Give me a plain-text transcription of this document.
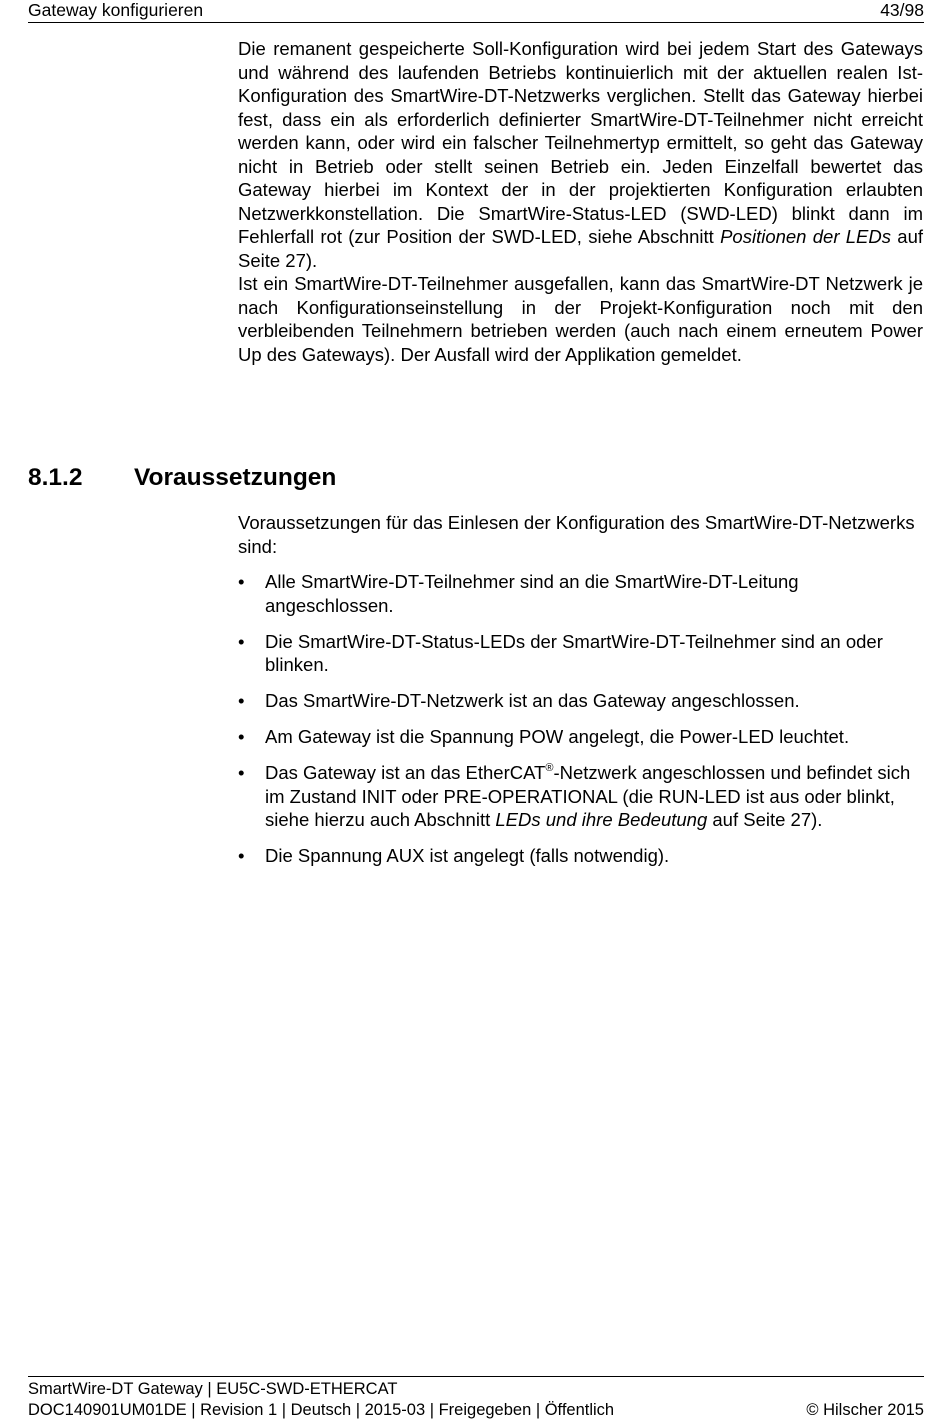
Gateway konfigurieren	43/98

Die remanent gespeicherte Soll-Konfiguration wird bei jedem Start des Gateways und während des laufenden Betriebs kontinuierlich mit der aktuellen realen Ist-Konfiguration des SmartWire-DT-Netzwerks verglichen. Stellt das Gateway hierbei fest, dass ein als erforderlich definierter SmartWire-DT-Teilnehmer nicht erreicht werden kann, oder wird ein falscher Teilnehmertyp ermittelt, so geht das Gateway nicht in Betrieb oder stellt seinen Betrieb ein. Jeden Einzelfall bewertet das Gateway hierbei im Kontext der in der projektierten Konfiguration erlaubten Netzwerkkonstellation. Die SmartWire-Status-LED (SWD-LED) blinkt dann im Fehlerfall rot (zur Position der SWD-LED, siehe Abschnitt Positionen der LEDs auf Seite 27).

Ist ein SmartWire-DT-Teilnehmer ausgefallen, kann das SmartWire-DT Netzwerk je nach Konfigurationseinstellung in der Projekt-Konfiguration noch mit den verbleibenden Teilnehmern betrieben werden (auch nach einem erneutem Power Up des Gateways). Der Ausfall wird der Applikation gemeldet.

8.1.2 Voraussetzungen

Voraussetzungen für das Einlesen der Konfiguration des SmartWire-DT-Netzwerks sind:

• Alle SmartWire-DT-Teilnehmer sind an die SmartWire-DT-Leitung angeschlossen.
• Die SmartWire-DT-Status-LEDs der SmartWire-DT-Teilnehmer sind an oder blinken.
• Das SmartWire-DT-Netzwerk ist an das Gateway angeschlossen.
• Am Gateway ist die Spannung POW angelegt, die Power-LED leuchtet.
• Das Gateway ist an das EtherCAT®-Netzwerk angeschlossen und befindet sich im Zustand INIT oder PRE-OPERATIONAL (die RUN-LED ist aus oder blinkt, siehe hierzu auch Abschnitt LEDs und ihre Bedeutung auf Seite 27).
• Die Spannung AUX ist angelegt (falls notwendig).
SmartWire-DT Gateway | EU5C-SWD-ETHERCAT
DOC140901UM01DE | Revision 1 | Deutsch | 2015-03 | Freigegeben | Öffentlich	© Hilscher 2015
